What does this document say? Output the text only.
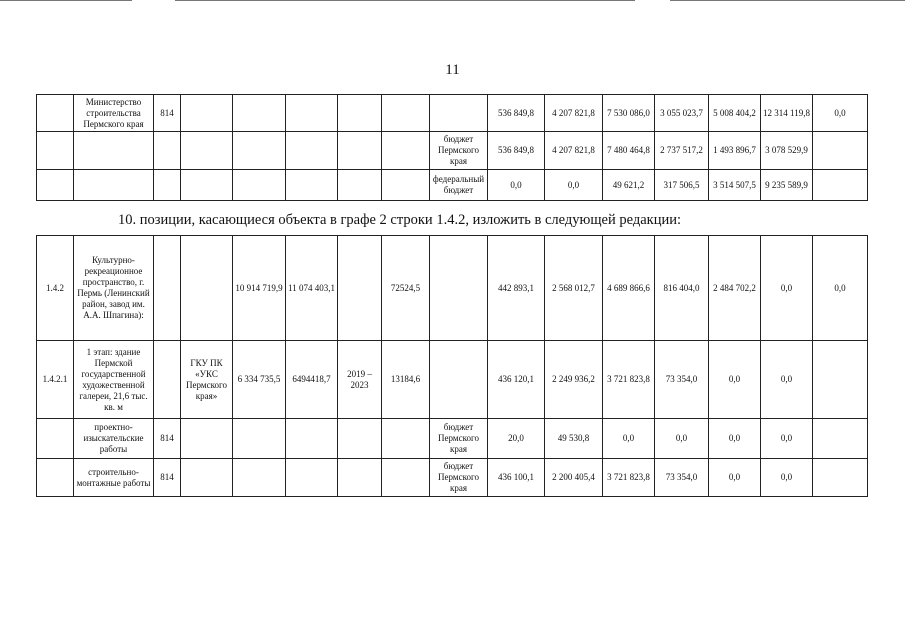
11
	Министерство строительства Пермского края	814								536 849,8	4 207 821,8	7 530 086,0	3 055 023,7	5 008 404,2	12 314 119,8	0,0
									бюджет Пермского края	536 849,8	4 207 821,8	7 480 464,8	2 737 517,2	1 493 896,7	3 078 529,9	
									федеральный бюджет	0,0	0,0	49 621,2	317 506,5	3 514 507,5	9 235 589,9	
10. позиции, касающиеся объекта в графе 2 строки 1.4.2, изложить в следующей редакции:
1.4.2	Культурно-рекреационное пространство, г. Пермь (Ленинский район, завод им. А.А. Шпагина):			10 914 719,9	11 074 403,1		72524,5			442 893,1	2 568 012,7	4 689 866,6	816 404,0	2 484 702,2	0,0	0,0
1.4.2.1	1 этап: здание Пермской государственной художественной галереи, 21,6 тыс. кв. м		ГКУ ПК «УКС Пермского края»	6 334 735,5	6494418,7	2019 – 2023	13184,6			436 120,1	2 249 936,2	3 721 823,8	73 354,0	0,0	0,0	
	проектно-изыскательские работы	814							бюджет Пермского края	20,0	49 530,8	0,0	0,0	0,0	0,0	
	строительно-монтажные работы	814							бюджет Пермского края	436 100,1	2 200 405,4	3 721 823,8	73 354,0	0,0	0,0	
